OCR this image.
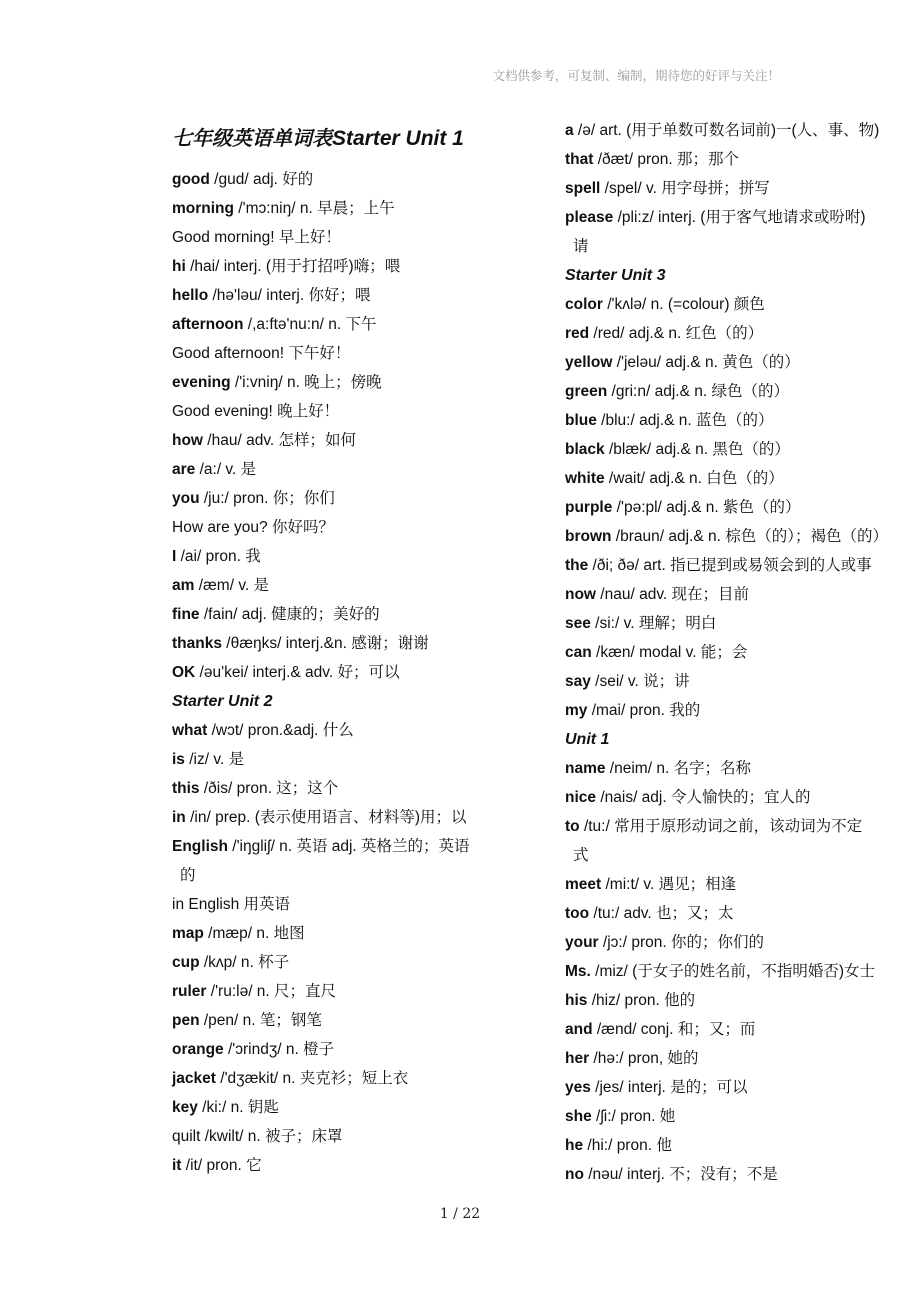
文档供参考，可复制、编制，期待您的好评与关注！
七年级英语单词表Starter Unit 1
good /gud/ adj. 好的
morning /'mɔ:niŋ/ n. 早晨；上午
Good morning! 早上好！
hi /hai/ interj. (用于打招呼)嗨；喂
hello /hə'ləu/ interj. 你好；喂
afternoon /,a:ftə'nu:n/ n. 下午
Good afternoon! 下午好！
evening /'i:vniŋ/ n. 晚上；傍晚
Good evening! 晚上好！
how /hau/ adv. 怎样；如何
are /a:/ v. 是
you /ju:/ pron. 你；你们
How are you? 你好吗？
I /ai/ pron. 我
am /æm/ v. 是
fine /fain/ adj. 健康的；美好的
thanks /θæŋks/ interj.&n. 感谢；谢谢
OK /əu'kei/ interj.& adv. 好；可以
Starter Unit 2
what /wɔt/ pron.&adj. 什么
is /iz/ v. 是
this /ðis/ pron. 这；这个
in /in/ prep. (表示使用语言、材料等)用；以
English /'iŋgliʃ/ n. 英语 adj. 英格兰的；英语
的
in English 用英语
map /mæp/ n. 地图
cup /kʌp/ n. 杯子
ruler /'ru:lə/ n. 尺；直尺
pen /pen/ n. 笔；钢笔
orange /'ɔrindʒ/ n. 橙子
jacket /'dʒækit/ n. 夹克衫；短上衣
key /ki:/ n. 钥匙
quilt /kwilt/ n. 被子；床罩
it /it/ pron. 它
a /ə/ art. (用于单数可数名词前)一(人、事、物)
that /ðæt/ pron. 那；那个
spell /spel/ v. 用字母拼；拼写
please /pli:z/ interj. (用于客气地请求或吩咐)
请
Starter Unit 3
color /'kʌlə/ n. (=colour) 颜色
red /red/ adj.& n. 红色（的）
yellow /'jeləu/ adj.& n. 黄色（的）
green /gri:n/ adj.& n. 绿色（的）
blue /blu:/ adj.& n. 蓝色（的）
black /blæk/ adj.& n. 黑色（的）
white /wait/ adj.& n. 白色（的）
purple /'pə:pl/ adj.& n. 紫色（的）
brown /braun/ adj.& n. 棕色（的）；褐色（的）
the /ði; ðə/ art. 指已提到或易领会到的人或事
now /nau/ adv. 现在；目前
see /si:/ v. 理解；明白
can /kæn/ modal v. 能；会
say /sei/ v. 说；讲
my /mai/ pron. 我的
Unit 1
name /neim/ n. 名字；名称
nice /nais/ adj. 令人愉快的；宜人的
to /tu:/ 常用于原形动词之前，该动词为不定
式
meet /mi:t/ v. 遇见；相逢
too /tu:/ adv. 也；又；太
your /jɔ:/ pron. 你的；你们的
Ms. /miz/ (于女子的姓名前，不指明婚否)女士
his /hiz/ pron. 他的
and /ænd/ conj. 和；又；而
her /hə:/ pron, 她的
yes /jes/ interj. 是的；可以
she /ʃi:/ pron. 她
he /hi:/ pron. 他
no /nəu/ interj. 不；没有；不是
1 / 22
